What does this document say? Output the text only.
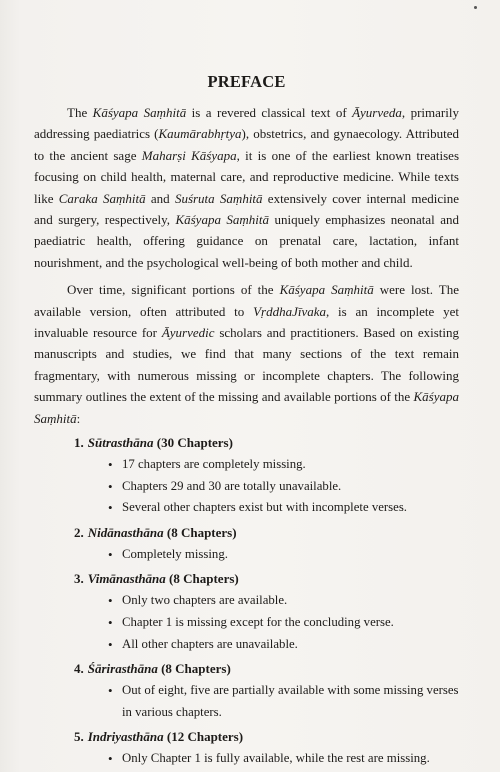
PREFACE

The Kāśyapa Saṃhitā is a revered classical text of Āyurveda, primarily addressing paediatrics (Kaumārabhṛtya), obstetrics, and gynaecology. Attributed to the ancient sage Maharṣi Kāśyapa, it is one of the earliest known treatises focusing on child health, maternal care, and reproductive medicine. While texts like Caraka Saṃhitā and Suśruta Saṃhitā extensively cover internal medicine and surgery, respectively, Kāśyapa Saṃhitā uniquely emphasizes neonatal and paediatric health, offering guidance on prenatal care, lactation, infant nourishment, and the psychological well-being of both mother and child.

Over time, significant portions of the Kāśyapa Saṃhitā were lost. The available version, often attributed to VṛddhaJīvaka, is an incomplete yet invaluable resource for Āyurvedic scholars and practitioners. Based on existing manuscripts and studies, we find that many sections of the text remain fragmentary, with numerous missing or incomplete chapters. The following summary outlines the extent of the missing and available portions of the Kāśyapa Saṃhitā:

1. Sūtrasthāna (30 Chapters)
• 17 chapters are completely missing.
• Chapters 29 and 30 are totally unavailable.
• Several other chapters exist but with incomplete verses.
2. Nidānasthāna (8 Chapters)
• Completely missing.
3. Vimānasthāna (8 Chapters)
• Only two chapters are available.
• Chapter 1 is missing except for the concluding verse.
• All other chapters are unavailable.
4. Śārirasthāna (8 Chapters)
• Out of eight, five are partially available with some missing verses in various chapters.
5. Indriyasthāna (12 Chapters)
• Only Chapter 1 is fully available, while the rest are missing.
